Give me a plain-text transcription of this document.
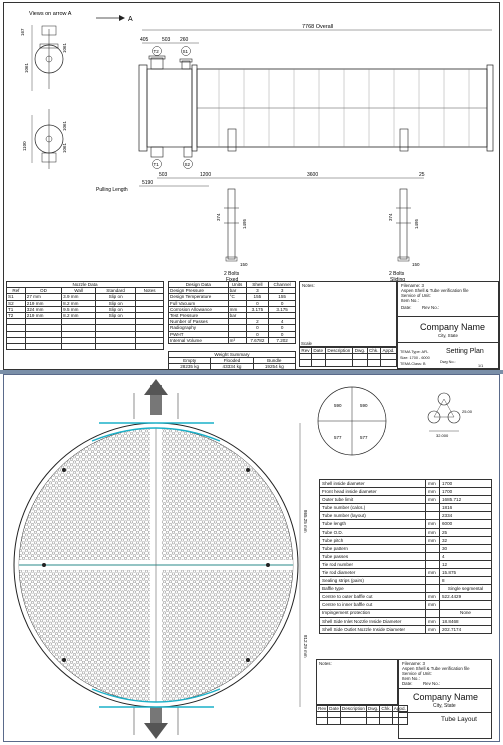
Views on arrow A
A
167
1061
1061
1100	1061
1061
7768 Overall
405	503 260
T2	S1
T1	S2
503	1200	3600	25
Pulling Length
5190
374
1495
150
374
1495
150
2 Bolts
Fixed
2 Bolts
Sliding
Nozzle Data				
Ref	OD	Wall	Standard	Notes
S1	27 mm	3.9 mm	Slip on	
S2	219 mm	8.2 mm	Slip on	
T1	324 mm	9.5 mm	Slip on	
T2	219 mm	8.2 mm	Slip on	

Design Data	Units	Shell	Channel
Design Pressure	bar	3	3
Design Temperature	°C	155	155
Full Vacuum		0	0
Corrosion Allowance	mm	3.175	3.175
Test Pressure	bar		
Number of Passes		2	4
Radiography		0	0
PWHT		0	0
Internal Volume	m³	7.6782	7.202
Weight Summary		
Empty	Flooded	Bundle
28235 kg	43334 kg	19254 kg
Notes:
Scale
Rev	Date	Description	Dwg.	Chk.	Appd.

Filename: 3
Aspen Shell & Tube verification file
Service of Unit:
Item No.:
Date: Rev No.:
Company Name
City, State
TEMA Type: AFL
Size: 1700 - 6000
TEMA Class: B
Setting Plan
Dwg No.:
1/1
865.25 mm
812.29 mm
590	590
577	577
25.00
32.000
Shell inside diameter	mm	1700
Front head inside diameter	mm	1700
Outer tube limit	mm	1685.712
Tube number (calcs.)		1816
Tube number (layout)		2334
Tube length	mm	6000
Tube O.D.	mm	25
Tube pitch	mm	32
Tube pattern		30
Tube passes		4
Tie rod number		12
Tie rod diameter	mm	15.875
Sealing strips (pairs)		8
Baffle type		Single segmental
Centre to outer baffle cut	mm	522.4429
Centre to inner baffle cut	mm	
Impingement protection		None
Shell Side Inlet Nozzle Inside Diameter	mm	18.8468
Shell Side Outlet Nozzle Inside Diameter	mm	202.7174
Notes:
Rev	Date	Description	Dwg.	Chk.	Appd.

Filename: 3
Aspen Shell & Tube verification file
Service of Unit:
Item No.:
Date: Rev No.:
Company Name
City, State
Tube Layout
